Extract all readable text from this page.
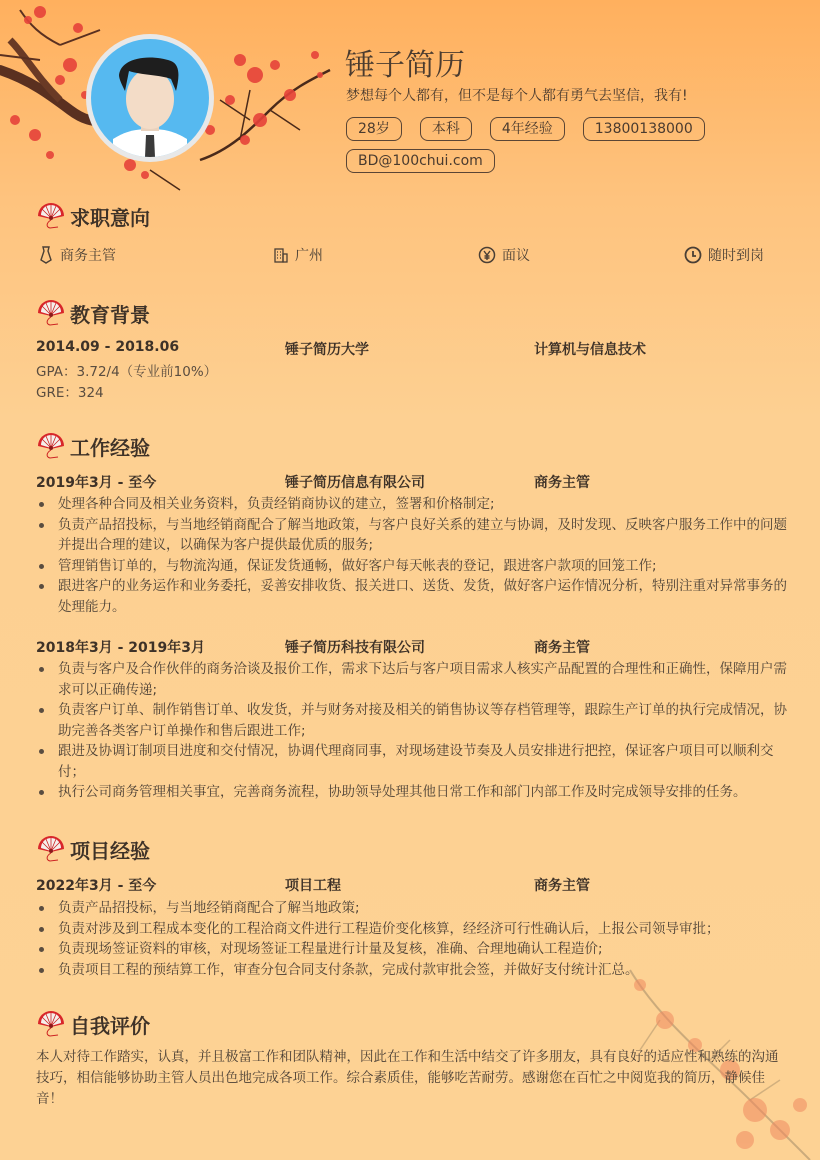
锤子简历
梦想每个人都有，但不是每个人都有勇气去坚信，我有!
28岁	本科	4年经验	13800138000
BD@100chui.com
求职意向
商务主管	广州	面议	随时到岗
教育背景
2014.09 - 2018.06	锤子简历大学	计算机与信息技术
GPA：3.72/4（专业前10%）
GRE：324
工作经验
2019年3月 - 至今	锤子简历信息有限公司	商务主管
处理各种合同及相关业务资料，负责经销商协议的建立，签署和价格制定;
负责产品招投标，与当地经销商配合了解当地政策，与客户良好关系的建立与协调，及时发现、反映客户服务工作中的问题并提出合理的建议，以确保为客户提供最优质的服务;
管理销售订单的，与物流沟通，保证发货通畅，做好客户每天帐表的登记，跟进客户款项的回笼工作;
跟进客户的业务运作和业务委托，妥善安排收货、报关进口、送货、发货，做好客户运作情况分析，特别注重对异常事务的处理能力。
2018年3月 - 2019年3月	锤子简历科技有限公司	商务主管
负责与客户及合作伙伴的商务洽谈及报价工作，需求下达后与客户项目需求人核实产品配置的合理性和正确性，保障用户需求可以正确传递;
负责客户订单、制作销售订单、收发货，并与财务对接及相关的销售协议等存档管理等，跟踪生产订单的执行完成情况，协助完善各类客户订单操作和售后跟进工作;
跟进及协调订制项目进度和交付情况，协调代理商同事，对现场建设节奏及人员安排进行把控，保证客户项目可以顺利交付；
执行公司商务管理相关事宜，完善商务流程，协助领导处理其他日常工作和部门内部工作及时完成领导安排的任务。
项目经验
2022年3月 - 至今	项目工程	商务主管
负责产品招投标，与当地经销商配合了解当地政策;
负责对涉及到工程成本变化的工程洽商文件进行工程造价变化核算，经经济可行性确认后，上报公司领导审批；
负责现场签证资料的审核，对现场签证工程量进行计量及复核，准确、合理地确认工程造价;
负责项目工程的预结算工作，审查分包合同支付条款，完成付款审批会签，并做好支付统计汇总。
自我评价
本人对待工作踏实，认真，并且极富工作和团队精神，因此在工作和生活中结交了许多朋友，具有良好的适应性和熟练的沟通技巧，相信能够协助主管人员出色地完成各项工作。综合素质佳，能够吃苦耐劳。感谢您在百忙之中阅览我的简历，静候佳音！
